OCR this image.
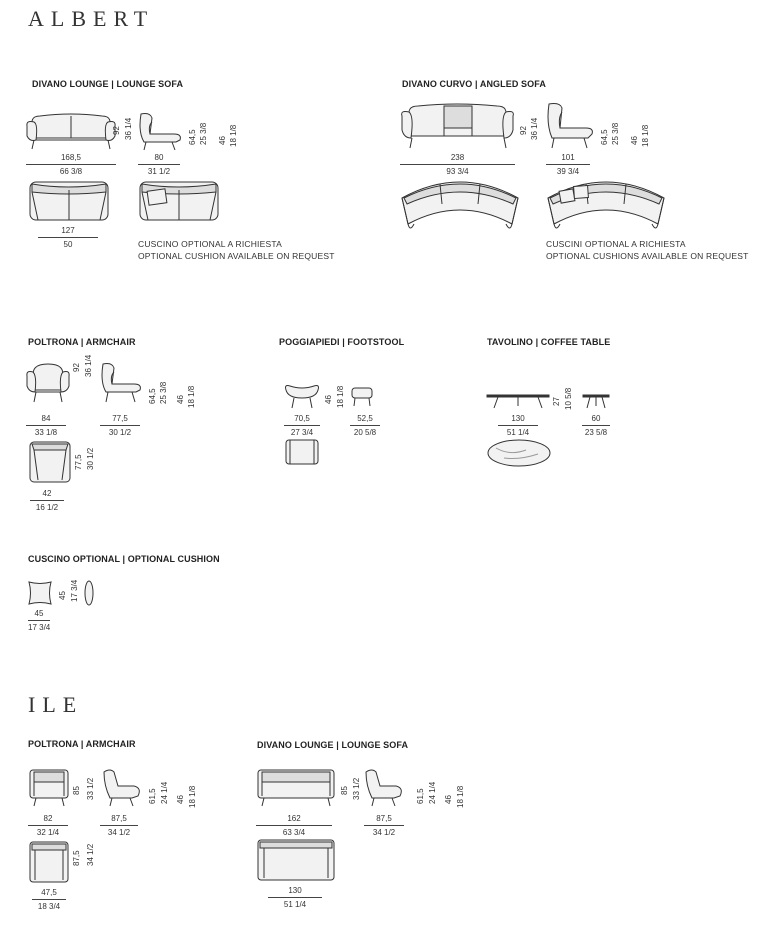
ALBERT
DIVANO LOUNGE | LOUNGE SOFA
92 36 1/4	64,5 25 3/8 46 18 1/8
168,5
66 3/8
80
31 1/2
127
50	CUSCINO OPTIONAL A RICHIESTA
OPTIONAL CUSHION AVAILABLE ON REQUEST
DIVANO CURVO | ANGLED SOFA
92 36 1/4	64,5 25 3/8 46 18 1/8
238
93 3/4
101
39 3/4
CUSCINI OPTIONAL A RICHIESTA
OPTIONAL CUSHIONS AVAILABLE ON REQUEST
POLTRONA | ARMCHAIR
92 36 1/4
64,5 25 3/8 46 18 1/8
84
33 1/8
77,5
30 1/2
77,5 30 1/2
42
16 1/2
POGGIAPIEDI | FOOTSTOOL
46 18 1/8
70,5
27 3/4
52,5
20 5/8
TAVOLINO | COFFEE TABLE
27 10 5/8
130
51 1/4
60
23 5/8
CUSCINO OPTIONAL | OPTIONAL CUSHION
45 17 3/4
45
17 3/4
ILE
POLTRONA | ARMCHAIR
85 33 1/2	61,5 24 1/4 46 18 1/8
82
32 1/4
87,5
34 1/2
87,5 34 1/2
47,5
18 3/4
DIVANO LOUNGE | LOUNGE SOFA
85 33 1/2	61,5 24 1/4 46 18 1/8
162
63 3/4
87,5
34 1/2
130
51 1/4
